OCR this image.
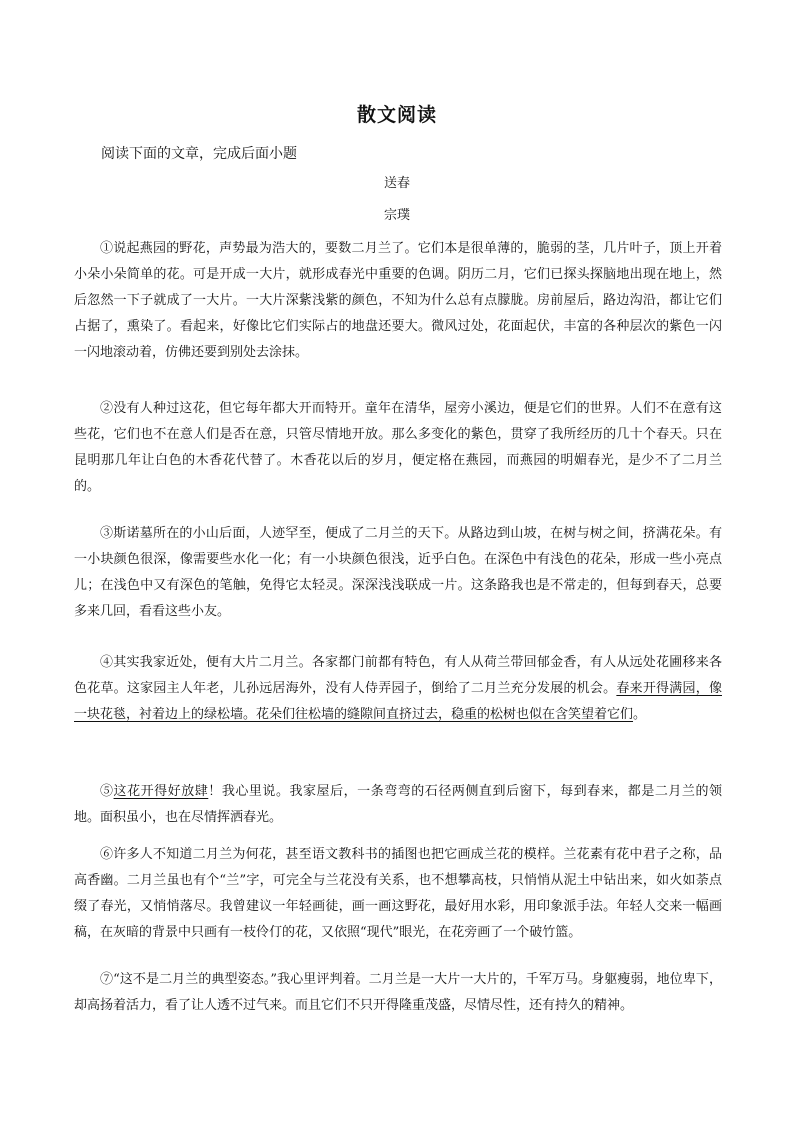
散文阅读
阅读下面的文章，完成后面小题
送春
宗璞

①说起燕园的野花，声势最为浩大的，要数二月兰了。它们本是很单薄的，脆弱的茎，几片叶子，顶上开着小朵小朵简单的花。可是开成一大片，就形成春光中重要的色调。阴历二月，它们已探头探脑地出现在地上，然后忽然一下子就成了一大片。一大片深紫浅紫的颜色，不知为什么总有点朦胧。房前屋后，路边沟沿，都让它们占据了，熏染了。看起来，好像比它们实际占的地盘还要大。微风过处，花面起伏，丰富的各种层次的紫色一闪一闪地滚动着，仿佛还要到别处去涂抹。

②没有人种过这花，但它每年都大开而特开。童年在清华，屋旁小溪边，便是它们的世界。人们不在意有这些花，它们也不在意人们是否在意，只管尽情地开放。那么多变化的紫色，贯穿了我所经历的几十个春天。只在昆明那几年让白色的木香花代替了。木香花以后的岁月，便定格在燕园，而燕园的明媚春光，是少不了二月兰的。

③斯诺墓所在的小山后面，人迹罕至，便成了二月兰的天下。从路边到山坡，在树与树之间，挤满花朵。有一小块颜色很深，像需要些水化一化；有一小块颜色很浅，近乎白色。在深色中有浅色的花朵，形成一些小亮点儿；在浅色中又有深色的笔触，免得它太轻灵。深深浅浅联成一片。这条路我也是不常走的，但每到春天，总要多来几回，看看这些小友。

④其实我家近处，便有大片二月兰。各家都门前都有特色，有人从荷兰带回郁金香，有人从远处花圃移来各色花草。这家园主人年老，儿孙远居海外，没有人侍弄园子，倒给了二月兰充分发展的机会。春来开得满园，像一块花毯，衬着边上的绿松墙。花朵们往松墙的缝隙间直挤过去，稳重的松树也似在含笑望着它们。

⑤这花开得好放肆！我心里说。我家屋后，一条弯弯的石径两侧直到后窗下，每到春来，都是二月兰的领地。面积虽小，也在尽情挥洒春光。

⑥许多人不知道二月兰为何花，甚至语文教科书的插图也把它画成兰花的模样。兰花素有花中君子之称，品高香幽。二月兰虽也有个“兰”字，可完全与兰花没有关系，也不想攀高枝，只悄悄从泥土中钻出来，如火如荼点缀了春光，又悄悄落尽。我曾建议一年轻画徒，画一画这野花，最好用水彩，用印象派手法。年轻人交来一幅画稿，在灰暗的背景中只画有一枝伶仃的花，又依照“现代”眼光，在花旁画了一个破竹篮。

⑦“这不是二月兰的典型姿态。”我心里评判着。二月兰是一大片一大片的，千军万马。身躯瘦弱，地位卑下，却高扬着活力，看了让人透不过气来。而且它们不只开得隆重茂盛，尽情尽性，还有持久的精神。
